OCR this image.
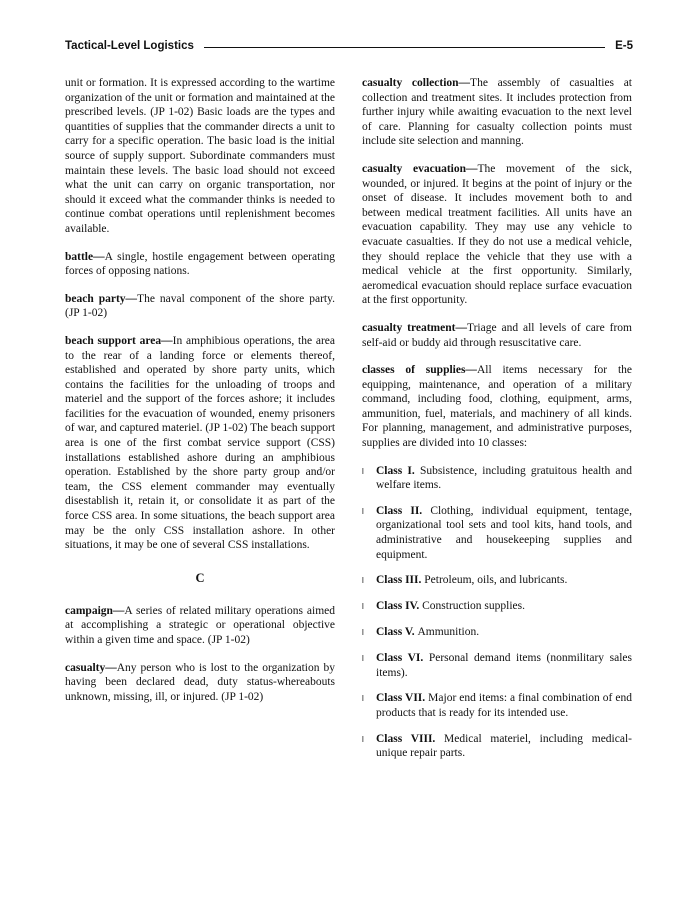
Tactical-Level Logistics	E-5

unit or formation. It is expressed according to the wartime organization of the unit or formation and maintained at the prescribed levels. (JP 1-02) Basic loads are the types and quantities of supplies that the commander directs a unit to carry for a specific operation. The basic load is the initial source of supply support. Subordinate commanders must maintain these levels. The basic load should not exceed what the unit can carry on organic transportation, nor should it exceed what the commander thinks is needed to continue combat operations until replenishment becomes available.

battle—A single, hostile engagement between operating forces of opposing nations.

beach party—The naval component of the shore party. (JP 1-02)

beach support area—In amphibious operations, the area to the rear of a landing force or elements thereof, established and operated by shore party units, which contains the facilities for the unloading of troops and materiel and the support of the forces ashore; it includes facilities for the evacuation of wounded, enemy prisoners of war, and captured materiel. (JP 1-02) The beach support area is one of the first combat service support (CSS) installations established ashore during an amphibious operation. Established by the shore party group and/or team, the CSS element commander may eventually disestablish it, retain it, or consolidate it as part of the force CSS area. In some situations, the beach support area may be the only CSS installation ashore. In other situations, it may be one of several CSS installations.

C

campaign—A series of related military operations aimed at accomplishing a strategic or operational objective within a given time and space. (JP 1-02)

casualty—Any person who is lost to the organization by having been declared dead, duty status-whereabouts unknown, missing, ill, or injured. (JP 1-02)

casualty collection—The assembly of casualties at collection and treatment sites. It includes protection from further injury while awaiting evacuation to the next level of care. Planning for casualty collection points must include site selection and manning.

casualty evacuation—The movement of the sick, wounded, or injured. It begins at the point of injury or the onset of disease. It includes movement both to and between medical treatment facilities. All units have an evacuation capability. They may use any vehicle to evacuate casualties. If they do not use a medical vehicle, they should replace the vehicle that they use with a medical vehicle at the first opportunity. Similarly, aeromedical evacuation should replace surface evacuation at the first opportunity.

casualty treatment—Triage and all levels of care from self-aid or buddy aid through resuscitative care.

classes of supplies—All items necessary for the equipping, maintenance, and operation of a military command, including food, clothing, equipment, arms, ammunition, fuel, materials, and machinery of all kinds. For planning, management, and administrative purposes, supplies are divided into 10 classes:

l	Class I. Subsistence, including gratuitous health and welfare items.
l	Class II. Clothing, individual equipment, tentage, organizational tool sets and tool kits, hand tools, and administrative and housekeeping supplies and equipment.
l	Class III. Petroleum, oils, and lubricants.
l	Class IV. Construction supplies.
l	Class V. Ammunition.
l	Class VI. Personal demand items (nonmilitary sales items).
l	Class VII. Major end items: a final combination of end products that is ready for its intended use.
l	Class VIII. Medical materiel, including medical-unique repair parts.
